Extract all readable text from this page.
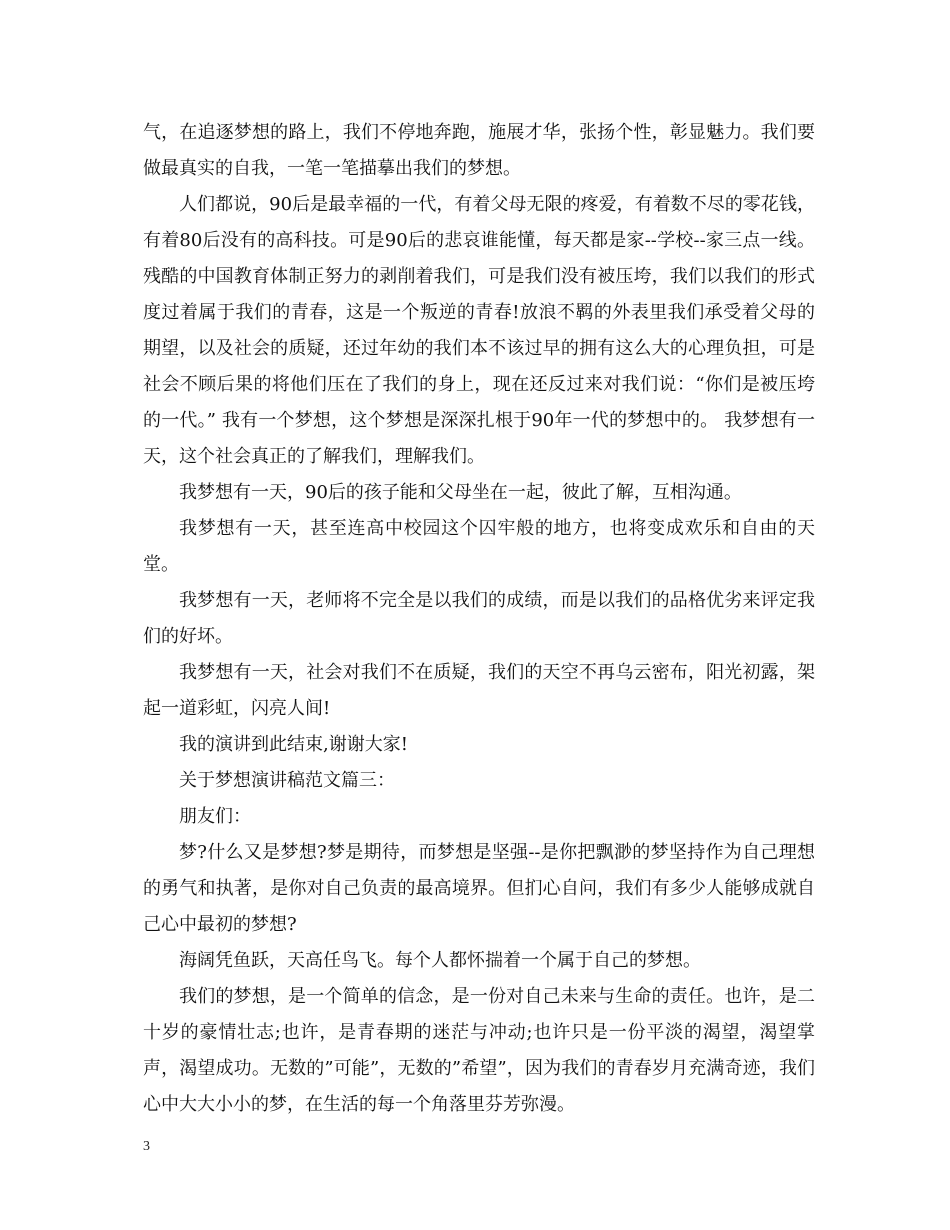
气，在追逐梦想的路上，我们不停地奔跑，施展才华，张扬个性，彰显魅力。我们要做最真实的自我，一笔一笔描摹出我们的梦想。

人们都说，90后是最幸福的一代，有着父母无限的疼爱，有着数不尽的零花钱，有着80后没有的高科技。可是90后的悲哀谁能懂，每天都是家--学校--家三点一线。残酷的中国教育体制正努力的剥削着我们，可是我们没有被压垮，我们以我们的形式度过着属于我们的青春，这是一个叛逆的青春!放浪不羁的外表里我们承受着父母的期望，以及社会的质疑，还过年幼的我们本不该过早的拥有这么大的心理负担，可是社会不顾后果的将他们压在了我们的身上，现在还反过来对我们说：“你们是被压垮的一代。” 我有一个梦想，这个梦想是深深扎根于90年一代的梦想中的。 我梦想有一天，这个社会真正的了解我们，理解我们。

我梦想有一天，90后的孩子能和父母坐在一起，彼此了解，互相沟通。

我梦想有一天，甚至连高中校园这个囚牢般的地方，也将变成欢乐和自由的天堂。

我梦想有一天，老师将不完全是以我们的成绩，而是以我们的品格优劣来评定我们的好坏。

我梦想有一天，社会对我们不在质疑，我们的天空不再乌云密布，阳光初露，架起一道彩虹，闪亮人间!

我的演讲到此结束,谢谢大家!

关于梦想演讲稿范文篇三：

朋友们：

梦?什么又是梦想?梦是期待，而梦想是坚强--是你把飘渺的梦坚持作为自己理想的勇气和执著，是你对自己负责的最高境界。但扪心自问，我们有多少人能够成就自己心中最初的梦想?

海阔凭鱼跃，天高任鸟飞。每个人都怀揣着一个属于自己的梦想。

我们的梦想，是一个简单的信念，是一份对自己未来与生命的责任。也许，是二十岁的豪情壮志;也许，是青春期的迷茫与冲动;也许只是一份平淡的渴望，渴望掌声，渴望成功。无数的”可能”，无数的”希望”，因为我们的青春岁月充满奇迹，我们心中大大小小的梦，在生活的每一个角落里芬芳弥漫。

3
